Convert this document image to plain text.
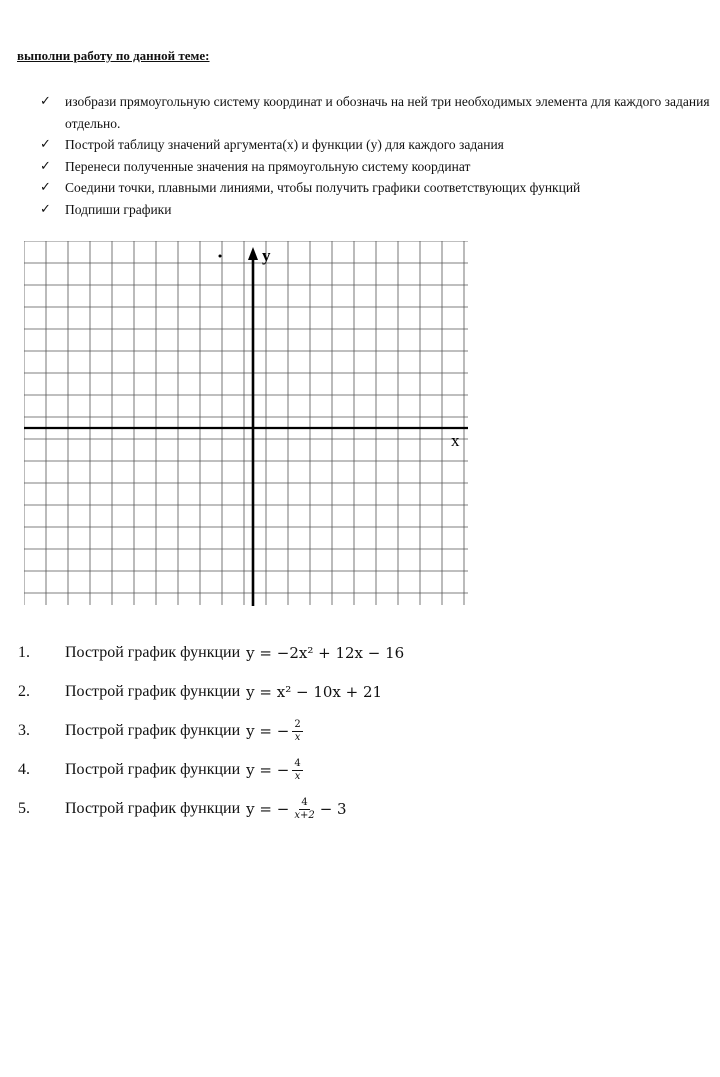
выполни работу по данной теме:
✓ изобрази прямоугольную систему координат и обозначь на ней три необходимых элемента для каждого задания отдельно.
✓ Построй таблицу значений аргумента(х) и функции (у) для каждого задания
✓ Перенеси полученные значения на прямоугольную систему координат
✓ Соедини точки, плавными линиями, чтобы получить графики соответствующих функций
✓ Подпиши графики
y
x
1.	Построй график функции y = −2x² + 12x − 16
2.	Построй график функции y = x² − 10x + 21
3.	Построй график функции y = − $\frac{2}{x}$
4.	Построй график функции y = − $\frac{4}{x}$
5.	Построй график функции y = − $\frac{4}{x+2} - 3$
